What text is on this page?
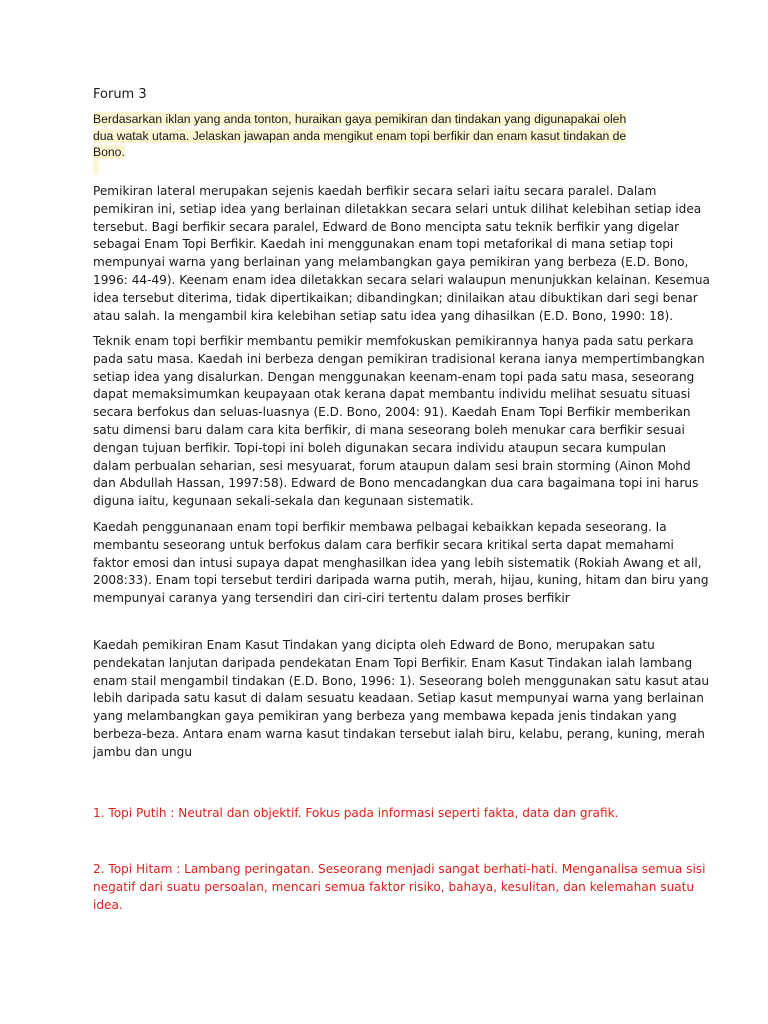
Forum 3
Berdasarkan iklan yang anda tonton, huraikan gaya pemikiran dan tindakan yang digunapakai oleh
dua watak utama. Jelaskan jawapan anda mengikut enam topi berfikir dan enam kasut tindakan de
Bono.
Pemikiran lateral merupakan sejenis kaedah berfikir secara selari iaitu secara paralel. Dalam
pemikiran ini, setiap idea yang berlainan diletakkan secara selari untuk dilihat kelebihan setiap idea
tersebut. Bagi berfikir secara paralel, Edward de Bono mencipta satu teknik berfikir yang digelar
sebagai Enam Topi Berfikir. Kaedah ini menggunakan enam topi metaforikal di mana setiap topi
mempunyai warna yang berlainan yang melambangkan gaya pemikiran yang berbeza (E.D. Bono,
1996: 44-49). Keenam enam idea diletakkan secara selari walaupun menunjukkan kelainan. Kesemua
idea tersebut diterima, tidak dipertikaikan; dibandingkan; dinilaikan atau dibuktikan dari segi benar
atau salah. Ia mengambil kira kelebihan setiap satu idea yang dihasilkan (E.D. Bono, 1990: 18).
Teknik enam topi berfikir membantu pemikir memfokuskan pemikirannya hanya pada satu perkara
pada satu masa. Kaedah ini berbeza dengan pemikiran tradisional kerana ianya mempertimbangkan
setiap idea yang disalurkan. Dengan menggunakan keenam-enam topi pada satu masa, seseorang
dapat memaksimumkan keupayaan otak kerana dapat membantu individu melihat sesuatu situasi
secara berfokus dan seluas-luasnya (E.D. Bono, 2004: 91). Kaedah Enam Topi Berfikir memberikan
satu dimensi baru dalam cara kita berfikir, di mana seseorang boleh menukar cara berfikir sesuai
dengan tujuan berfikir. Topi-topi ini boleh digunakan secara individu ataupun secara kumpulan
dalam perbualan seharian, sesi mesyuarat, forum ataupun dalam sesi brain storming (Ainon Mohd
dan Abdullah Hassan, 1997:58). Edward de Bono mencadangkan dua cara bagaimana topi ini harus
diguna iaitu, kegunaan sekali-sekala dan kegunaan sistematik.
Kaedah penggunanaan enam topi berfikir membawa pelbagai kebaikkan kepada seseorang. Ia
membantu seseorang untuk berfokus dalam cara berfikir secara kritikal serta dapat memahami
faktor emosi dan intusi supaya dapat menghasilkan idea yang lebih sistematik (Rokiah Awang et all,
2008:33). Enam topi tersebut terdiri daripada warna putih, merah, hijau, kuning, hitam dan biru yang
mempunyai caranya yang tersendiri dan ciri-ciri tertentu dalam proses berfikir
Kaedah pemikiran Enam Kasut Tindakan yang dicipta oleh Edward de Bono, merupakan satu
pendekatan lanjutan daripada pendekatan Enam Topi Berfikir. Enam Kasut Tindakan ialah lambang
enam stail mengambil tindakan (E.D. Bono, 1996: 1). Seseorang boleh menggunakan satu kasut atau
lebih daripada satu kasut di dalam sesuatu keadaan. Setiap kasut mempunyai warna yang berlainan
yang melambangkan gaya pemikiran yang berbeza yang membawa kepada jenis tindakan yang
berbeza-beza. Antara enam warna kasut tindakan tersebut ialah biru, kelabu, perang, kuning, merah
jambu dan ungu
1. Topi Putih : Neutral dan objektif. Fokus pada informasi seperti fakta, data dan grafik.
2. Topi Hitam : Lambang peringatan. Seseorang menjadi sangat berhati-hati. Menganalisa semua sisi
negatif dari suatu persoalan, mencari semua faktor risiko, bahaya, kesulitan, dan kelemahan suatu
idea.
